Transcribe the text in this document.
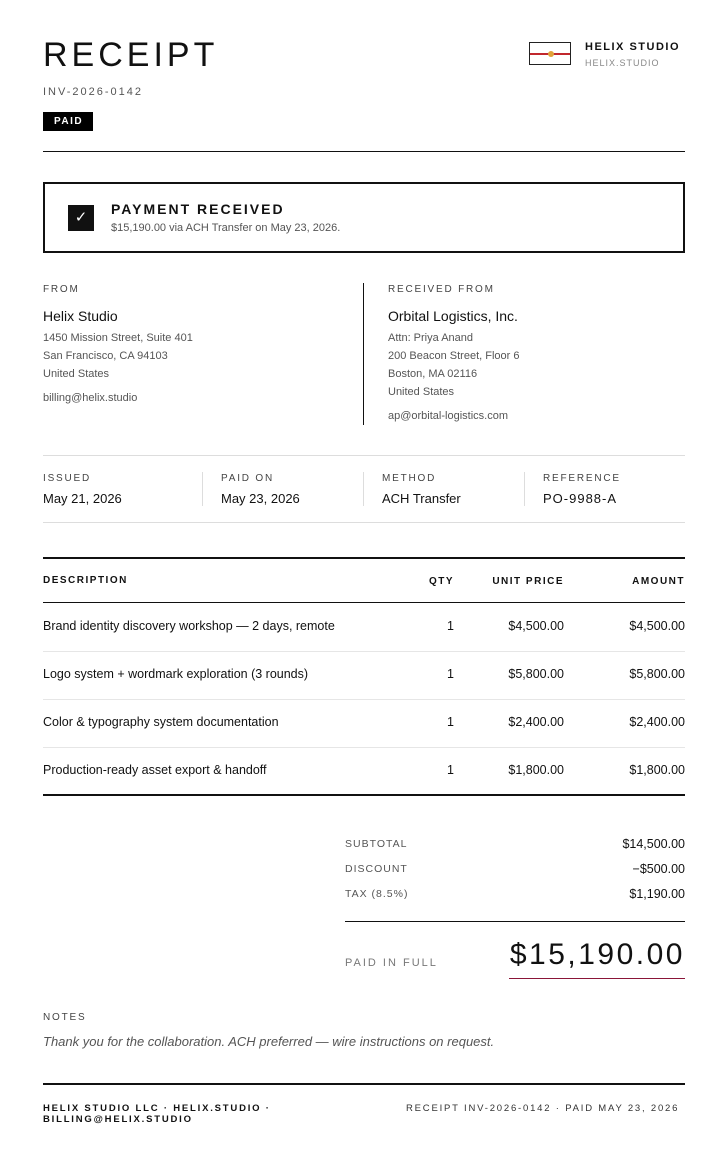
RECEIPT
INV-2026-0142
PAID
HELIX STUDIO
HELIX.STUDIO
✓	PAYMENT RECEIVED
$15,190.00 via ACH Transfer on May 23, 2026.
FROM
Helix Studio
1450 Mission Street, Suite 401
San Francisco, CA 94103
United States
billing@helix.studio
RECEIVED FROM
Orbital Logistics, Inc.
Attn: Priya Anand
200 Beacon Street, Floor 6
Boston, MA 02116
United States
ap@orbital-logistics.com
ISSUED
May 21, 2026
PAID ON
May 23, 2026
METHOD
ACH Transfer
REFERENCE
PO-9988-A
DESCRIPTION	QTY	UNIT PRICE	AMOUNT
Brand identity discovery workshop — 2 days, remote	1	$4,500.00	$4,500.00
Logo system + wordmark exploration (3 rounds)	1	$5,800.00	$5,800.00
Color & typography system documentation	1	$2,400.00	$2,400.00
Production-ready asset export & handoff	1	$1,800.00	$1,800.00
SUBTOTAL	$14,500.00
DISCOUNT	−$500.00
TAX (8.5%)	$1,190.00
PAID IN FULL $15,190.00
NOTES
Thank you for the collaboration. ACH preferred — wire instructions on request.
HELIX STUDIO LLC · HELIX.STUDIO · BILLING@HELIX.STUDIO
RECEIPT INV-2026-0142 · PAID MAY 23, 2026
